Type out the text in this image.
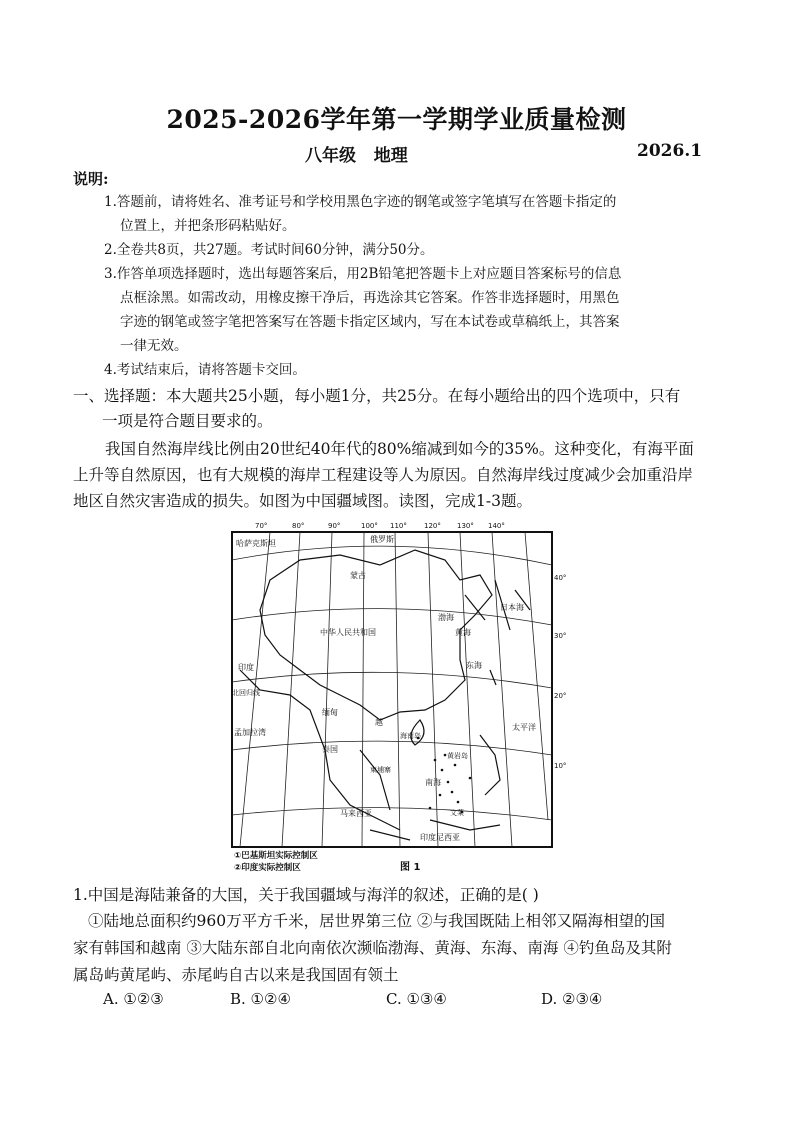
2025-2026学年第一学期学业质量检测
八年级   地理	2026.1
说明:
1.答题前，请将姓名、准考证号和学校用黑色字迹的钢笔或签字笔填写在答题卡指定的
位置上，并把条形码粘贴好。
2.全卷共8页，共27题。考试时间60分钟，满分50分。
3.作答单项选择题时，选出每题答案后，用2B铅笔把答题卡上对应题目答案标号的信息
点框涂黑。如需改动，用橡皮擦干净后，再选涂其它答案。作答非选择题时，用黑色
字迹的钢笔或签字笔把答案写在答题卡指定区域内，写在本试卷或草稿纸上，其答案
一律无效。
4.考试结束后，请将答题卡交回。
一、选择题：本大题共25小题，每小题1分，共25分。在每小题给出的四个选项中，只有
一项是符合题目要求的。
我国自然海岸线比例由20世纪40年代的80%缩减到如今的35%。这种变化，有海平面
上升等自然原因，也有大规模的海岸工程建设等人为原因。自然海岸线过度减少会加重沿岸
地区自然灾害造成的损失。如图为中国疆域图。读图，完成1-3题。
70°	80°	90°	100° 110° 120° 130° 140°
40°
30°
20°
10°
哈萨克斯坦	俄罗斯
蒙古
中华人民共和国
印度
北回归线
缅甸
孟加拉湾
泰国
马来西亚
日本海
渤海
黄海
东海
南海
太平洋
海南岛
黄岩岛
越
柬埔寨
文莱
印度尼西亚
①巴基斯坦实际控制区
②印度实际控制区	图 1
1.中国是海陆兼备的大国，关于我国疆域与海洋的叙述，正确的是( )
①陆地总面积约960万平方千米，居世界第三位 ②与我国既陆上相邻又隔海相望的国
家有韩国和越南 ③大陆东部自北向南依次濒临渤海、黄海、东海、南海 ④钓鱼岛及其附
属岛屿黄尾屿、赤尾屿自古以来是我国固有领土
A. ①②③	B. ①②④	C. ①③④	D. ②③④
